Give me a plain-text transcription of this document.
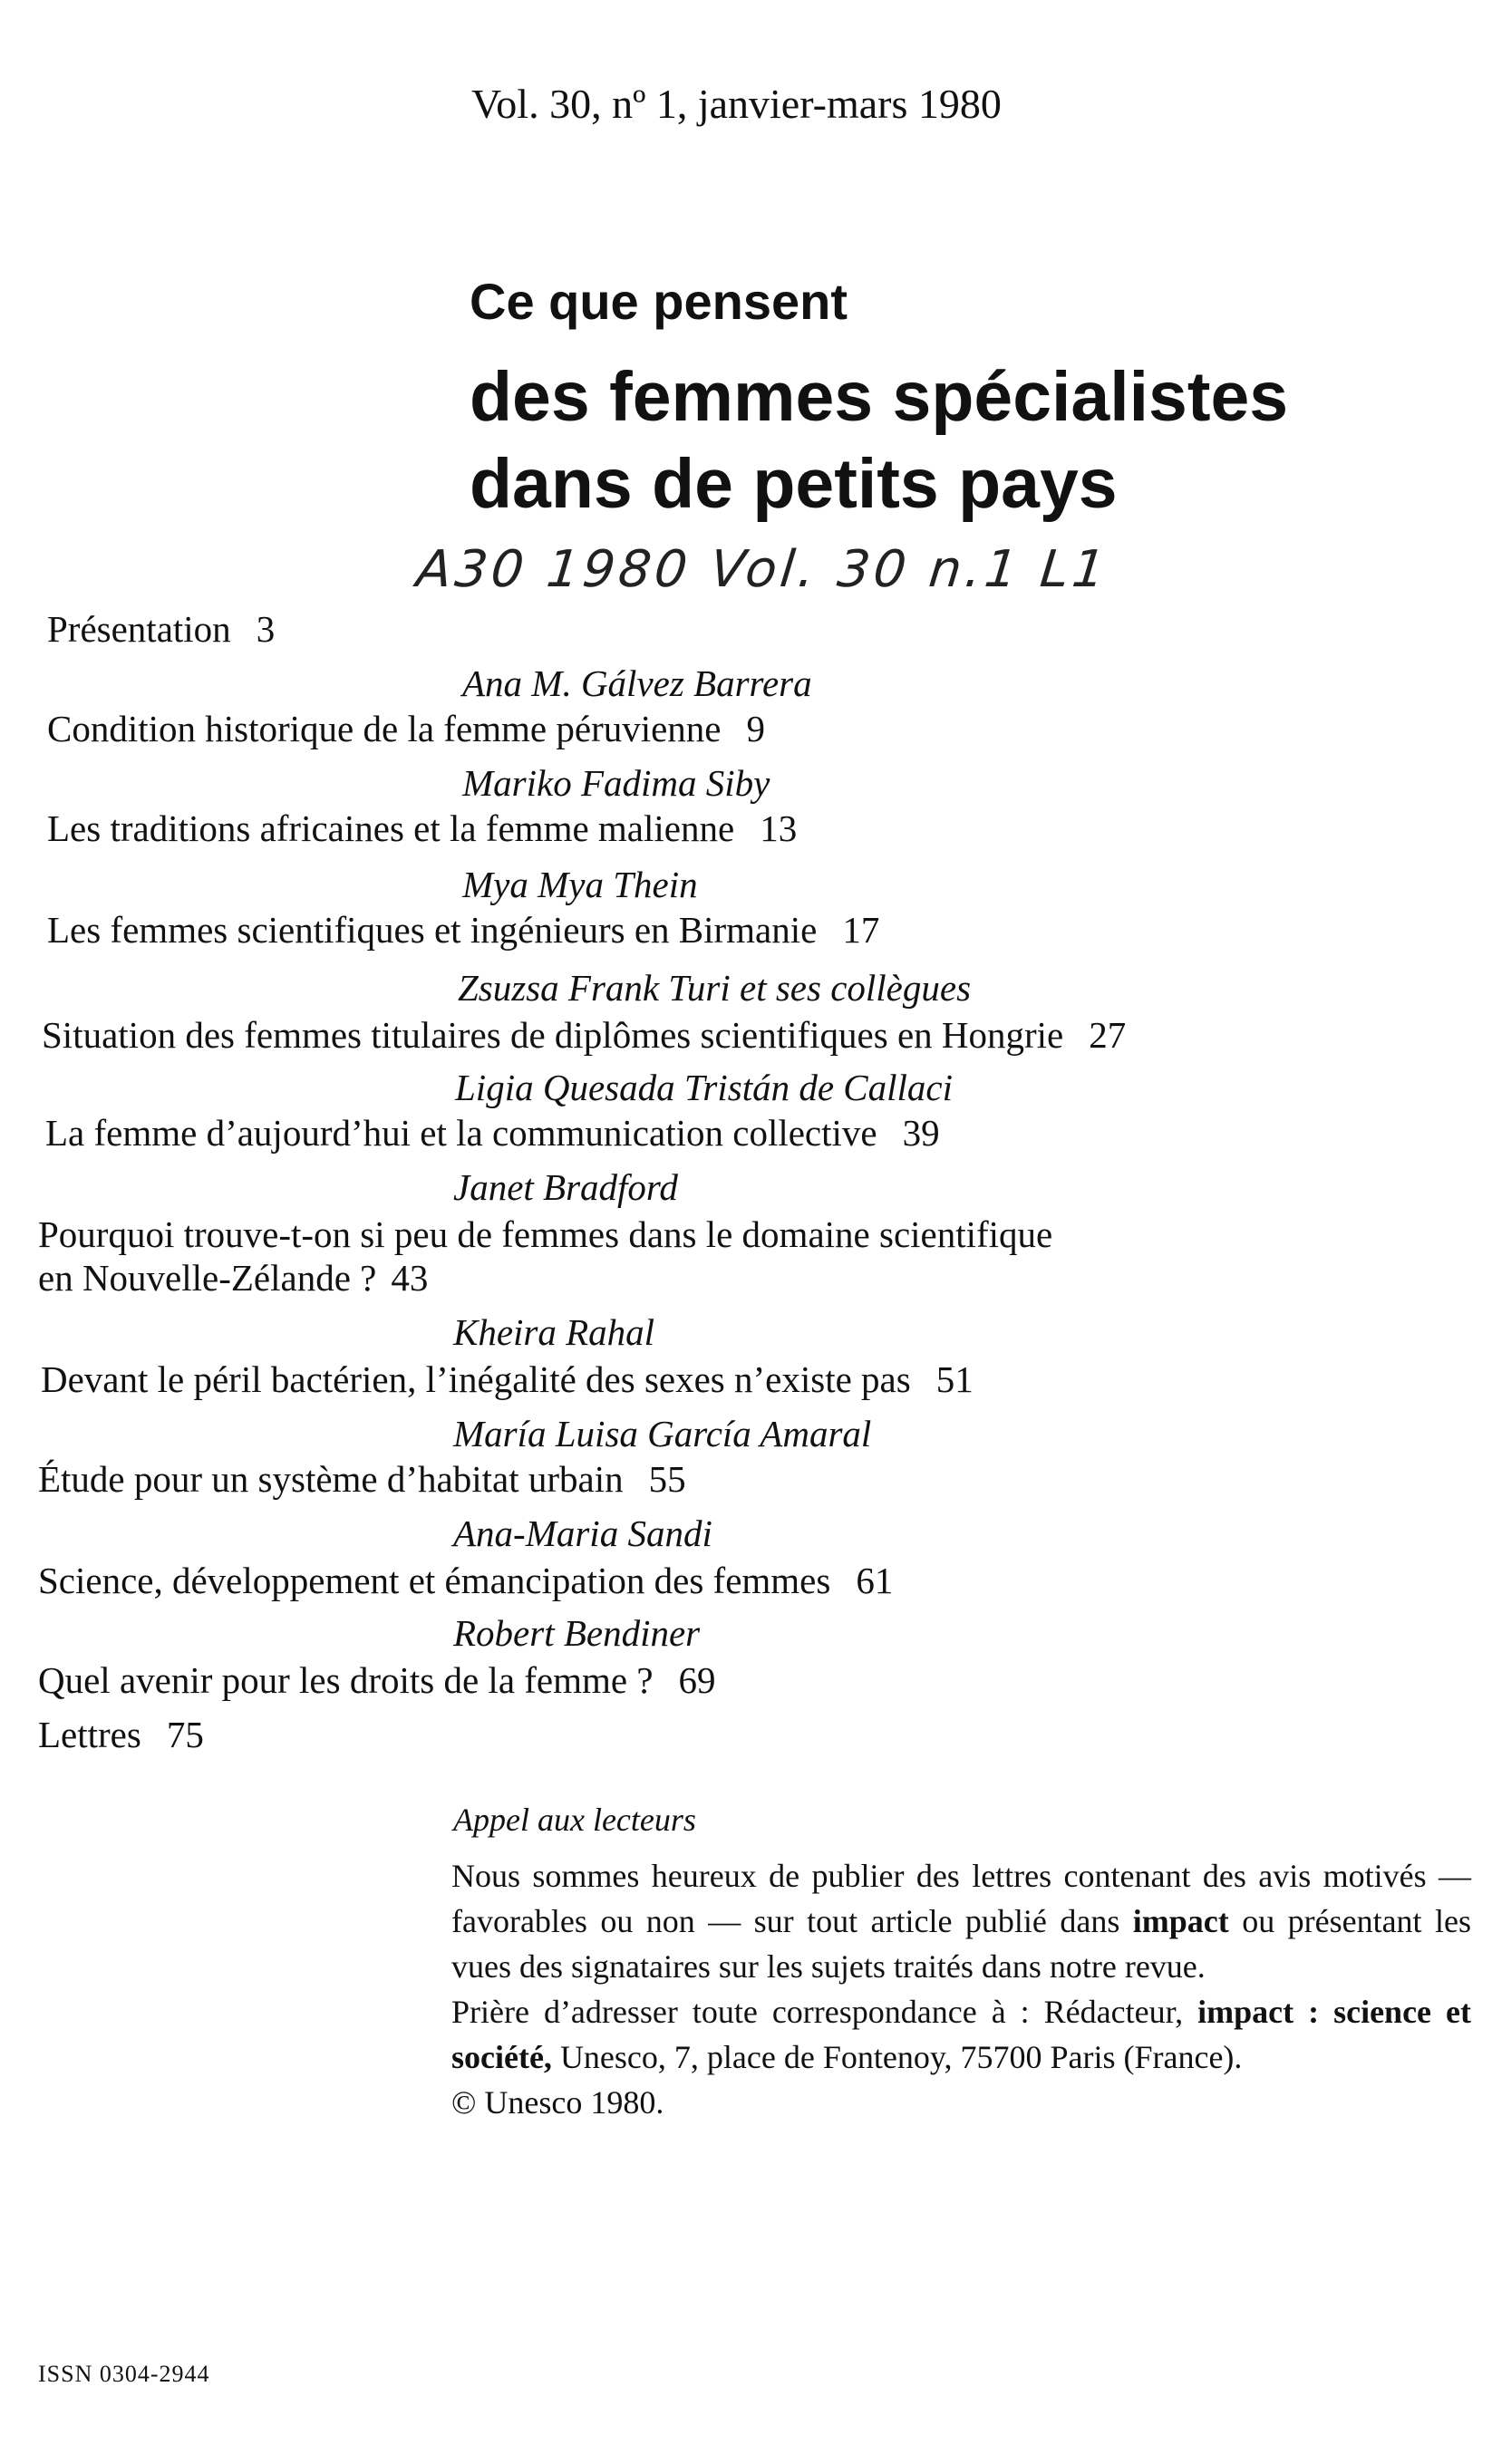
Vol. 30, nº 1, janvier-mars 1980
Ce que pensent
des femmes spécialistes
dans de petits pays
A30 1980 Vol. 30 n.1 L1
Présentation 3
Ana M. Gálvez Barrera
Condition historique de la femme péruvienne 9
Mariko Fadima Siby
Les traditions africaines et la femme malienne 13
Mya Mya Thein
Les femmes scientifiques et ingénieurs en Birmanie 17
Zsuzsa Frank Turi et ses collègues
Situation des femmes titulaires de diplômes scientifiques en Hongrie 27
Ligia Quesada Tristán de Callaci
La femme d’aujourd’hui et la communication collective 39
Janet Bradford
Pourquoi trouve-t-on si peu de femmes dans le domaine scientifique
en Nouvelle-Zélande ? 43
Kheira Rahal
Devant le péril bactérien, l’inégalité des sexes n’existe pas 51
María Luisa García Amaral
Étude pour un système d’habitat urbain 55
Ana-Maria Sandi
Science, développement et émancipation des femmes 61
Robert Bendiner
Quel avenir pour les droits de la femme ? 69
Lettres 75
Appel aux lecteurs

Nous sommes heureux de publier des lettres contenant des avis motivés — favorables ou non — sur tout article publié dans impact ou présentant les vues des signataires sur les sujets traités dans notre revue.

Prière d’adresser toute correspondance à : Rédacteur, impact : science et société, Unesco, 7, place de Fontenoy, 75700 Paris (France).

© Unesco 1980.

ISSN 0304-2944
